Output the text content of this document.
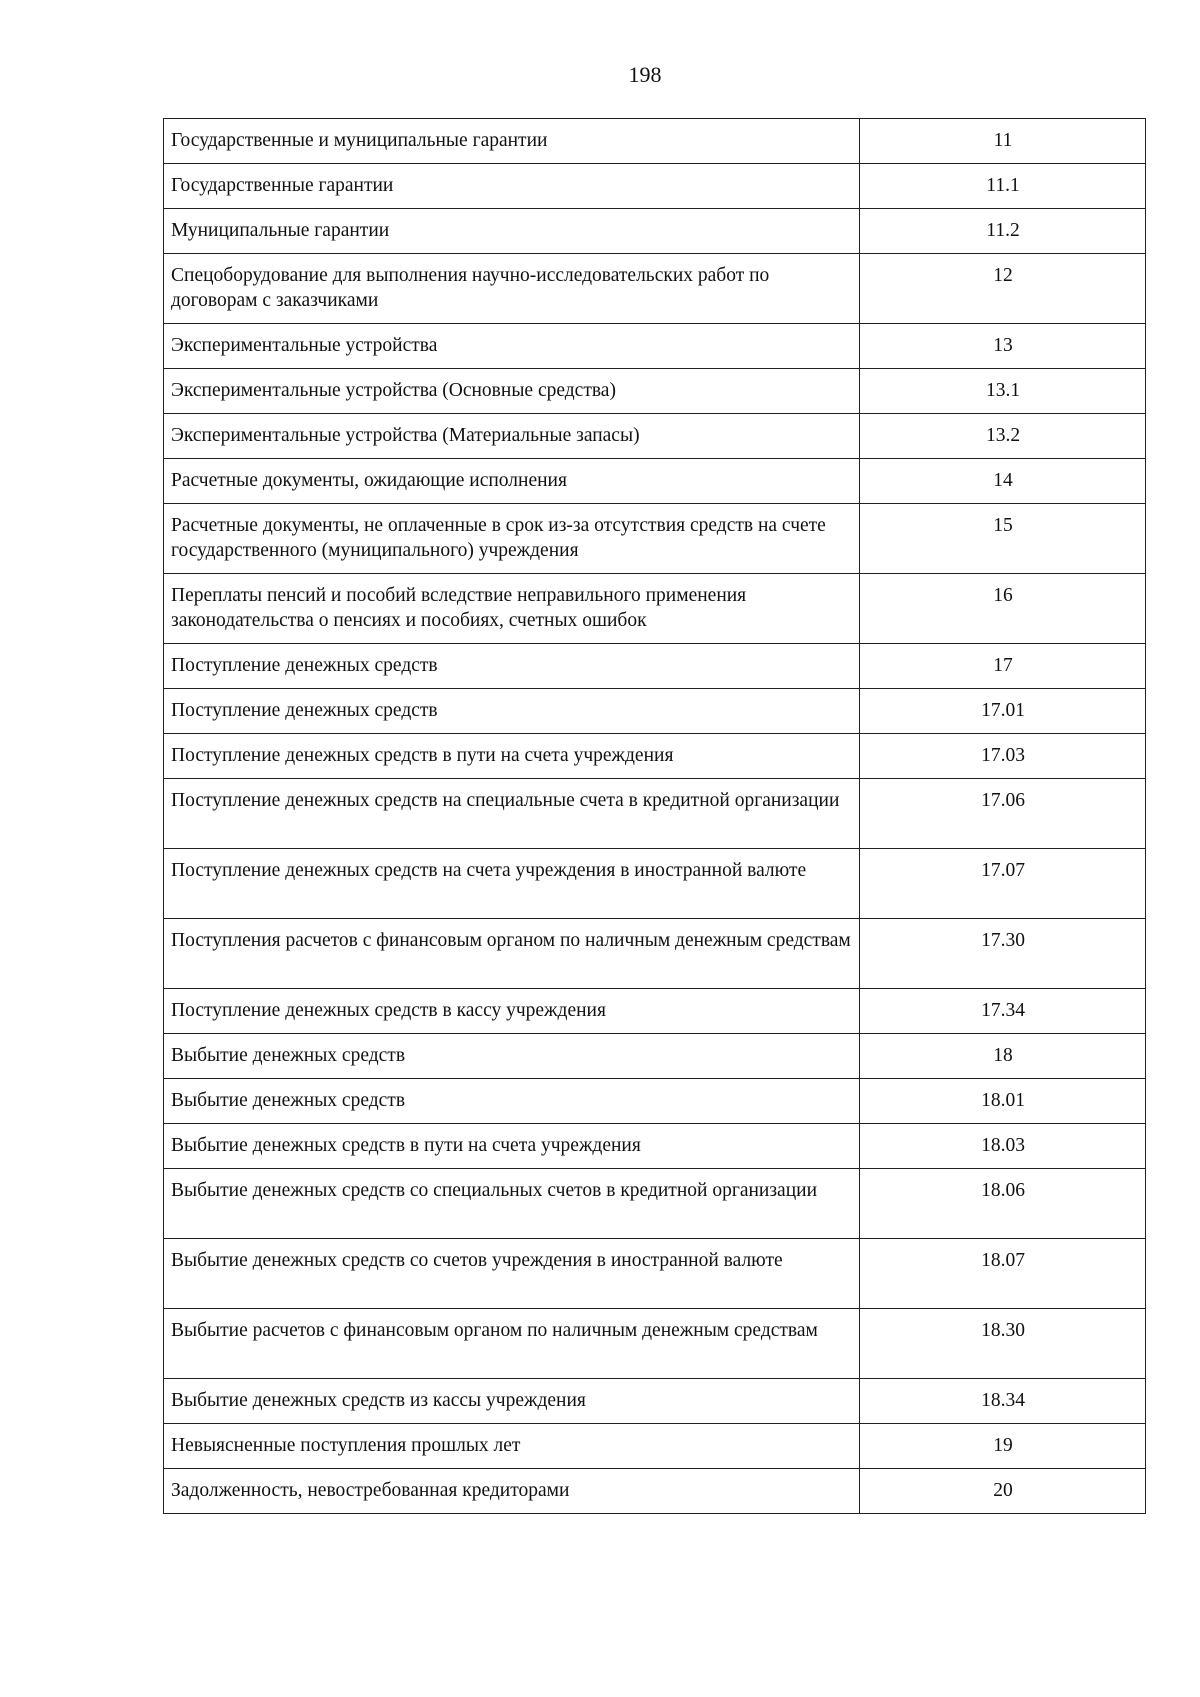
198
Государственные и муниципальные гарантии	11
Государственные гарантии	11.1
Муниципальные гарантии	11.2
Спецоборудование для выполнения научно-исследовательских работ по договорам с заказчиками	12
Экспериментальные устройства	13
Экспериментальные устройства (Основные средства)	13.1
Экспериментальные устройства (Материальные запасы)	13.2
Расчетные документы, ожидающие исполнения	14
Расчетные документы, не оплаченные в срок из-за отсутствия средств на счете государственного (муниципального) учреждения	15
Переплаты пенсий и пособий вследствие неправильного применения законодательства о пенсиях и пособиях, счетных ошибок	16
Поступление денежных средств	17
Поступление денежных средств	17.01
Поступление денежных средств в пути на счета учреждения	17.03
Поступление денежных средств на специальные счета в кредитной организации	17.06
Поступление денежных средств на счета учреждения в иностранной валюте	17.07
Поступления расчетов с финансовым органом по наличным денежным средствам	17.30
Поступление денежных средств в кассу учреждения	17.34
Выбытие денежных средств	18
Выбытие денежных средств	18.01
Выбытие денежных средств в пути на счета учреждения	18.03
Выбытие денежных средств со специальных счетов в кредитной организации	18.06
Выбытие денежных средств со счетов учреждения в иностранной валюте	18.07
Выбытие расчетов с финансовым органом по наличным денежным средствам	18.30
Выбытие денежных средств из кассы учреждения	18.34
Невыясненные поступления прошлых лет	19
Задолженность, невостребованная кредиторами	20
